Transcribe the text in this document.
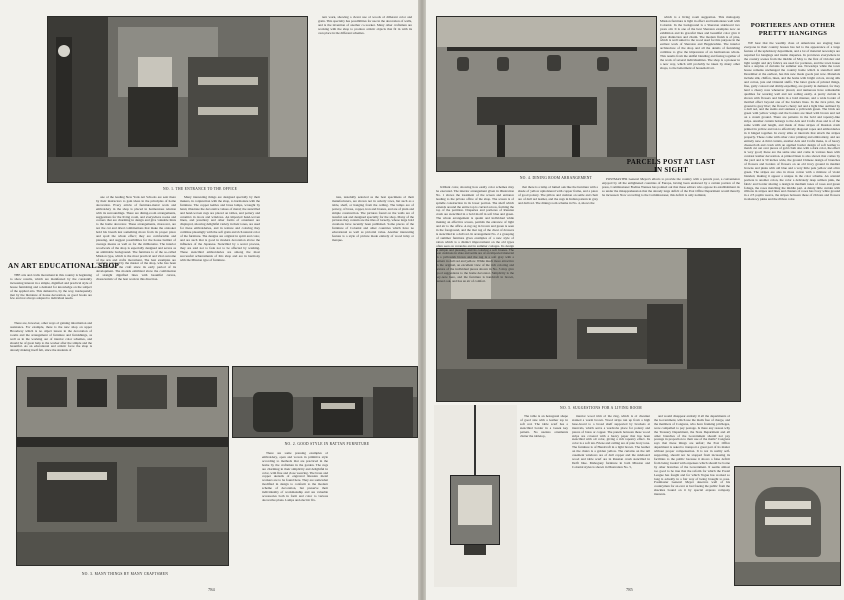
NO. 1. THE ENTRANCE TO THE OFFICE
NO. 2. GOOD STYLE IN RATTAN FURNITURE
NO. 3. MANY THINGS BY MANY CRAFTSMEN
AN ART EDUCATIONAL SHOP

THE arts and crafts movement in this country is beginning to show results, which are manifested by the constantly increasing interest in a simple, dignified and practical style of house furnishing and a demand for knowledge on the subject of the applied arts. This demand is, by the way, inadequately met by the literature of house decoration, as good books are few and not always adapted to individual needs.

There are, however, other ways of gaining information and assistance. For example, there is the new shop on upper Broadway which is no object lesson in the decoration of rooms and the arrangement of furniture and furnishings, as well as in the working out of interior color schemes, and should be of great help to the worker after the simple and the beautiful. As an educational and artistic force the shop is already making itself felt, since the students of

one of the leading New York Art Schools are sent there by their instructors to gain ideas in the principles of home decoration. Every article of furniture-metal work and embroidery in the shop is placed in harmonious relation with its surroundings. There are dining-room arrangements, suggestions for the living room, and everywhere nooks and corners that are charming in design and give valuable hints to the home decorator. These arrangements, moreover, are not the cut and dried combinations that make the onlooker hold his breath lest something move from its proper place and spoil the whole effect; they are comfortable and pleasing, and suggest possibilities for the house builder of average means as well as for the millionaire. The interior woodwork of the shop is especially designed and serves as an admirable background. The furniture is of the so-called Mission type, which is the most practical and vital outcome of the arts and crafts movement. The best examples are carefully selected by the master of the shop, who has been identified with the craft since its early period of its development. The models exhibited show the combination of straight dignified lines with beautiful curves, characteristic of the best work in this direction.

Many interesting things are designed specially by their makers, in conjunction with the shop, to harmonize with the furniture. The copper kettles and brass lamps, wrought by hand, illustrate the decorative values of metal; the stencilled and hand-woven rugs are placed on tables, and pottery and ceramics in doors and windows. An imported hand-woven linen, and jewellery and other forms of ornament are displayed, showing delightful variety in their tones, are used for these embroideries, and in texture and coloring they combine pleasingly with the soft grain and rich natural color of the furniture. The designs are original in spirit and color, and are such that is good in modern decoration above the influence of the Japanese. Stencilled by a secret process, they are said not to fade nor to be affected by washing. These stencilled embroideries are among the most successful achievements of this shop and are in harmony with the Mission type of furniture.

tern work, showing a clever use of woods of different color and grain. This specialty has possibilities for use in the decoration of walls, and is the invention of another co-worker. Many other craftsmen are working with the shop to produce artistic objects that fit in with its own place in the different schemes.

There are some pressing examples of embroidery, open and woven in primitive style according to methods that are practiced in the home by the craftsman in the garden. The rugs are charming in their simplicity and delightful in color, with fine and close weaving. The brass and copper utensils of engraved Russian metal workers are to be found here. They are somewhat modified in design to conform to the modern scheme of decoration, but preserve their individuality of workmanship and are valuable accessories both in form and color to various decorative plans. Lamps and electric fix-

ture, tastefully selected as the best specimens of their manufacturers, are shown not in orderly rows, but such as a table, shelf, or hanging from the ceiling. The lamps are of pottery, of brass, copper, iron and bronze, and are of plain and simple construction. The pictures found on the walls are of tasteful oak and designed specially for the shop. Many of the pictures they contain are the tiles of Grueby, whose large bold creations have recently been published. Some pieces of the furniture of Colonial and other countries which have no educational as well as pictorial value. Another interesting feature is a style of picture made entirely of wood inlay or marque-

784
NO. 4. DINING ROOM ARRANGEMENT
NO. 5. SUGGESTIONS FOR A LIVING ROOM

brilliant color, showing how easily color schemes may be executed. The interior arrangement given in illustration No. 1 shows the treatment of the screen and entrance leading to the private office of the shop. The screen is of spindle construction in its lower portion. The shelf which extends around the entire top is carried across, forming the top of the partition. Draperies and portieres of Russian crash are stencilled in a bold motif in soft blue and green. The whole arrangement is quaint and individual while making an effective screen, permits the entrance of light and air to the office. A rug rag in brown and green is seen in the foreground, and the mat rug of the chest of drawers is stencilled in a dull red. In arrangement No. 2 a grouping of summer furniture gives examples of a new style of rattan which is a distinct improvement on the old types often seen on verandas and in summer cottages. Its design is simple and pleasing, and its coloring a soft bronze. The seat cushions in slate and settle are of an imported material in a yellowish brown and the rug is a soft gray with a pattern in dull red and yellow. While much more attractive in the original, an excellent view of the rich coloring and texture of the individual pieces shown in No. 3 may give good suggestions to the home decorator. Simplicity is the key-note here, and the furniture is handcraft in brown, tanned oak, and has an air of comfort.

that there is a lamp of fumed oak like the furniture with a shade of yellow upholstered with copper frame, and a piece of good pottery. The pillow and cushion on settle and chair are of dull red leather, and the rugs in Indian pattern in gray and dull red. The dining room scheme in No. 4, shows the

The table is an hexagonal shape of good size with a leather top in soft red. The table scarf has a stencilled border in a Greek key pattern. No useless ornaments clutter the tabletop,

which is a living room suggestion. This mahogany Mission furniture is light in effect and harmonizes well with Colonial. In the background is a Sheraton sideboard two years old. It is one of the best Sheraton examples now on exhibition and its graceful lines and beautiful color give it great distinction and charm. The modern finish is of pine, which is well suited to the wood used for this purpose in the earliest work of Sheraton and Hepplewhite. The interior architecture of the shop and all the details of furnishing combine to give the impression of an harmonious whole. This results from the skilful blending and fusing together of the work of several individualities. The shop is a pioneer in a new way, which will probably be taken by many other shops, to the betterment of household art.

PARCELS POST AT LAST
IN SIGHT

POSTMASTER General Meyer's efforts to provide the country with a parcels post, a convenience enjoyed by all the enlightened countries of Europe, having been endorsed by a certain portion of the press, Commissioner Bodine Wensee has pointed out that these editors who oppose its establishment do so under the misapprehension that the already large deficit of the Post Office Department would thereby be increased. Now according to the Commissioner, this deficit is only nominal,

interior wood trim of the ring, which is of chestnut stained a warm brown. Wood strips run up from a high base-board to a broad shelf supported by brackets at intervals, which serve a wardrobe place for pottery and pieces of brass or copper. The panels between these wood strips are covered with a heavy paper that has been stencilled with oil color, giving a rich tapestry effect. Its color is a soft tan. Frieze and ceiling are of pale ivory tone. The furniture is of Handcraft in a light brown. The leather on the chairs is a golden yellow. The curtains on the tall casement windows are of dull copper and the sideboard wood and table scarf are in Russian crash stencilled in Delft blue. Mahogany furniture in both Mission and Colonial styles is shown in Illustration No. 5,

and would disappear entirely if all the departments of the Government, which use the mails free of charge, and the members of Congress, who have franking privileges, were compelled to pay postage. Is there any reason why the Treasury Department, the State Department and all other branches of the Government should not pay postage in proportion to their use of the mails? Congress says that these things are unfair; the Post Office department is asked to transport a great part of its matter without proper compensation. It is not in reality self-supporting, should not be stopped from increasing its facilities to the public because it shows a false deficit from being loaded with expenses which should be borne by other branches of the Government. It seems almost too good to be true that the reform for which the Postal League has fought and for which Vogue has worked so long is actually in a fair way of being brought to pass. Postmaster General Meyer deserves well of his countrymen for an ever at last freeing the public from the shackles bound on it by special express company interests.

PORTIERES AND OTHER
PRETTY HANGINGS

WE hear that the wealthy class of Americans are staging here everyone in their country houses has led to the appearance of a large feature of the upholstery department, and a lot of material nowadays are required for hangings and inside draperies. In provinces everywhere in the country scenes from the middle of May to the first of October and light weight and airy fabrics are used for portieres, and the town house have a surplus of curtains for summer use. Nowadays while the town house remains unchanged the country home which is stenciled until December at the earliest, has this new made goods just now. Materials include silk, chiffon, linen, and the home with bright colors, strong silk and cotton, jute and Oriental stuffs. The latter grade of printed things, fine, gaily colored and slimly-expelling, are greatly in demand, for they lend a cheery note whenever placed, and numerous have remarkable qualities for wearing well and not soiling easily. A pretty curtain is shown with flowers and birds in a bold manner, and a wide border of mottled effect beyond one of the borders lines. In the Java print, the ground is grey lilac; the flower's cherry red and a light blue outlined by a dull red, and the stems and stamens a yellowish green. The birds are green with yellow wings and the borders are lined with brown and red on a cream ground. There are patterns in the bold and tapestry-like strips. Another curtain belongs to the Arts and Crafts class and is of the same width and length, and made of three stripes of Russian crash printed in yellow and tan to effectively diagonal ropes and embroideries in it hinged together. In every silks at intervals that attach the stripes properly. These come with other color printing and embroidery, and are entirely new. A third curtain, another Arts and Crafts make, is of heavy cheesecloth and crash with an applied border design of soft leather to match cut out over pieces of gold cloth also with a dark color, the effect is very good; these are the same size and come in various hues with contrast leather decoration. A printed linen is also shown that comes by the yard and is 50 inches wide, the ground Chinese design of branches of flowers and borders of flowers on an old ivory ground in madder browns and pinks with old blue and a very little pale yellow and olive green. The stripes are also in moss cotton with a mixture of violet blended, making it appear a unique in the color scheme. An oriental portiere is another colon, the color a delicately deep salmon pink, the fabric and border sharing a design in medium tones of roses and green foliage, the roses matching the middle part. A dainty little curtain with ribbons in stripes and lines and clusters of roses has ivory white ground in a 2/3 poplin weave, the stripes between these of ribbons and flowers in shadowy pinks and the ribbon color.

785
